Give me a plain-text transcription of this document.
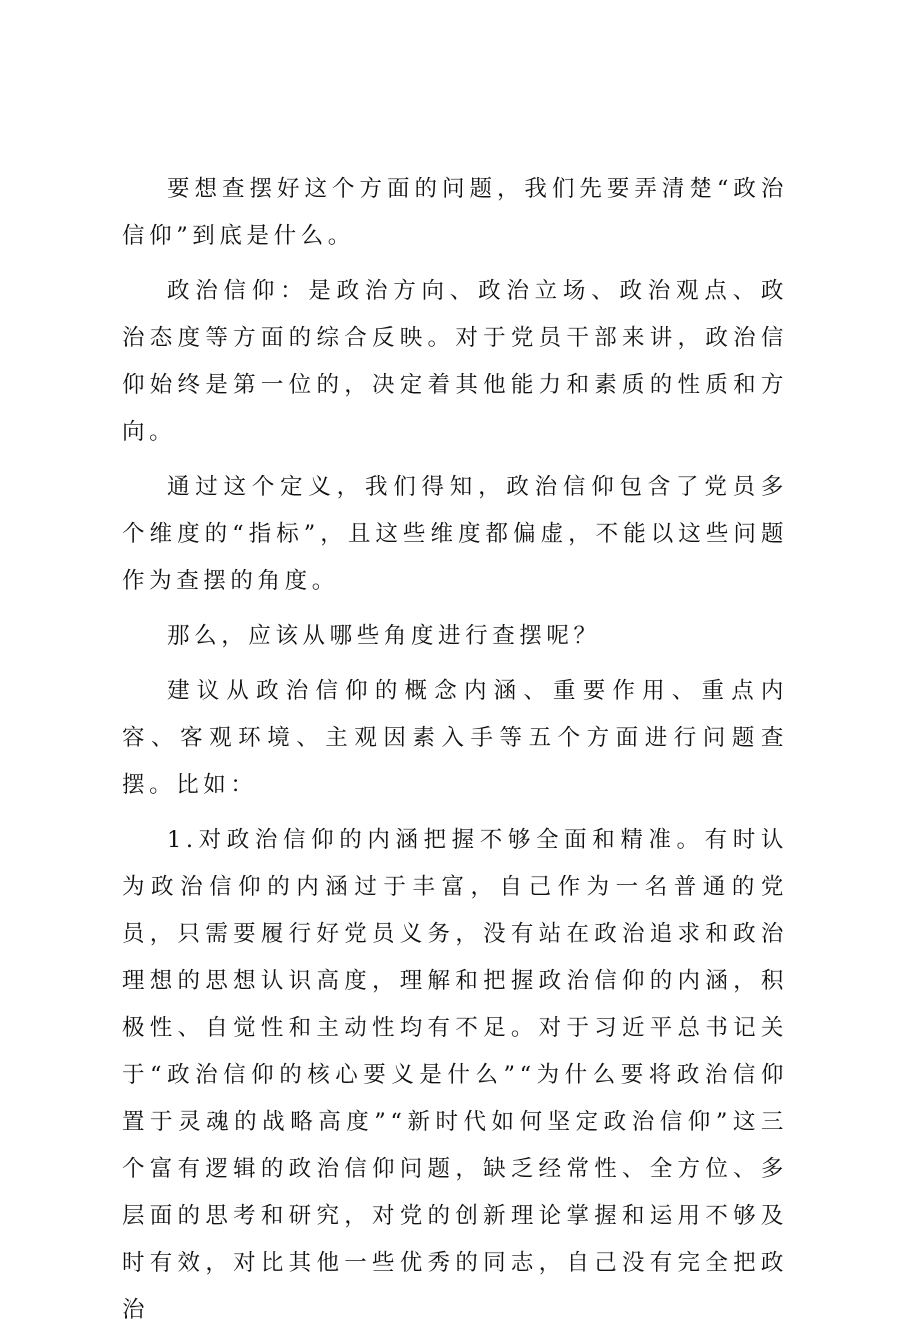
要想查摆好这个方面的问题，我们先要弄清楚“政治信仰”到底是什么。

政治信仰：是政治方向、政治立场、政治观点、政治态度等方面的综合反映。对于党员干部来讲，政治信仰始终是第一位的，决定着其他能力和素质的性质和方向。

通过这个定义，我们得知，政治信仰包含了党员多个维度的“指标”，且这些维度都偏虚，不能以这些问题作为查摆的角度。

那么，应该从哪些角度进行查摆呢？

建议从政治信仰的概念内涵、重要作用、重点内容、客观环境、主观因素入手等五个方面进行问题查摆。比如：

1.对政治信仰的内涵把握不够全面和精准。有时认为政治信仰的内涵过于丰富，自己作为一名普通的党员，只需要履行好党员义务，没有站在政治追求和政治理想的思想认识高度，理解和把握政治信仰的内涵，积极性、自觉性和主动性均有不足。对于习近平总书记关于“政治信仰的核心要义是什么”“为什么要将政治信仰置于灵魂的战略高度”“新时代如何坚定政治信仰”这三个富有逻辑的政治信仰问题，缺乏经常性、全方位、多层面的思考和研究，对党的创新理论掌握和运用不够及时有效，对比其他一些优秀的同志，自己没有完全把政治
